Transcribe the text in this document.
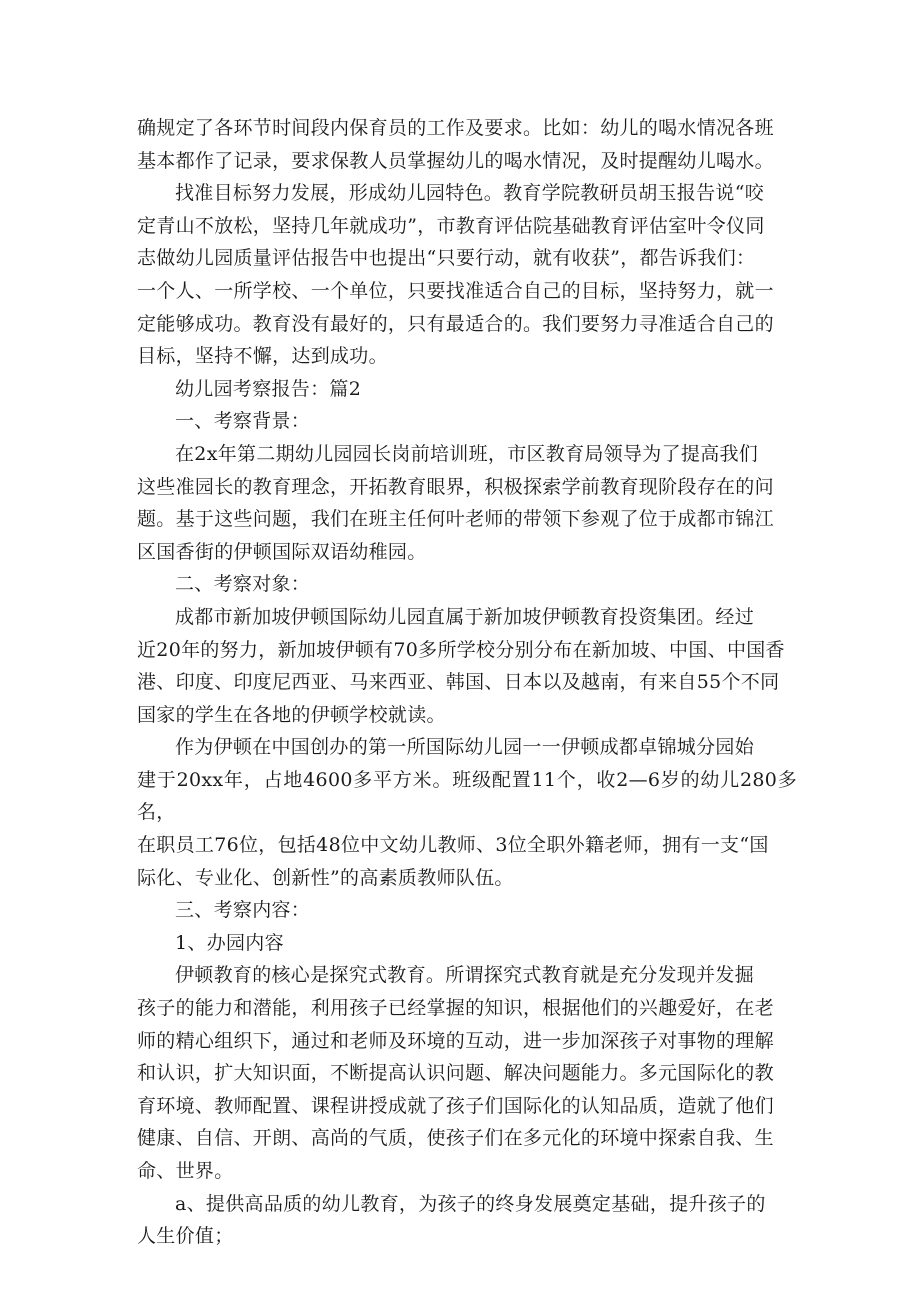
确规定了各环节时间段内保育员的工作及要求。比如：幼儿的喝水情况各班
基本都作了记录，要求保教人员掌握幼儿的喝水情况，及时提醒幼儿喝水。

找准目标努力发展，形成幼儿园特色。教育学院教研员胡玉报告说“咬
定青山不放松，坚持几年就成功”，市教育评估院基础教育评估室叶令仪同
志做幼儿园质量评估报告中也提出“只要行动，就有收获”，都告诉我们：
一个人、一所学校、一个单位，只要找准适合自己的目标，坚持努力，就一
定能够成功。教育没有最好的，只有最适合的。我们要努力寻准适合自己的
目标，坚持不懈，达到成功。

幼儿园考察报告：篇2

一、考察背景：

在2x年第二期幼儿园园长岗前培训班，市区教育局领导为了提高我们
这些准园长的教育理念，开拓教育眼界，积极探索学前教育现阶段存在的问
题。基于这些问题，我们在班主任何叶老师的带领下参观了位于成都市锦江
区国香街的伊顿国际双语幼稚园。

二、考察对象：

成都市新加坡伊顿国际幼儿园直属于新加坡伊顿教育投资集团。经过
近20年的努力，新加坡伊顿有70多所学校分别分布在新加坡、中国、中国香
港、印度、印度尼西亚、马来西亚、韩国、日本以及越南，有来自55个不同
国家的学生在各地的伊顿学校就读。

作为伊顿在中国创办的第一所国际幼儿园一一伊顿成都卓锦城分园始
建于20xx年，占地4600多平方米。班级配置11个，收2—6岁的幼儿280多名，
在职员工76位，包括48位中文幼儿教师、3位全职外籍老师，拥有一支“国
际化、专业化、创新性”的高素质教师队伍。

三、考察内容：

1、办园内容

伊顿教育的核心是探究式教育。所谓探究式教育就是充分发现并发掘
孩子的能力和潜能，利用孩子已经掌握的知识，根据他们的兴趣爱好，在老
师的精心组织下，通过和老师及环境的互动，进一步加深孩子对事物的理解
和认识，扩大知识面，不断提高认识问题、解决问题能力。多元国际化的教
育环境、教师配置、课程讲授成就了孩子们国际化的认知品质，造就了他们
健康、自信、开朗、高尚的气质，使孩子们在多元化的环境中探索自我、生
命、世界。

a、提供高品质的幼儿教育，为孩子的终身发展奠定基础，提升孩子的
人生价值；
